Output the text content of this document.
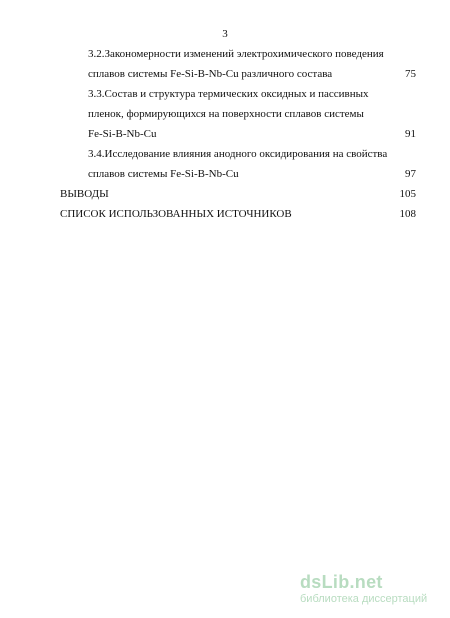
3
3.2.Закономерности изменений электрохимического поведения
сплавов системы Fe-Si-B-Nb-Cu различного состава	75
3.3.Состав и структура термических оксидных и пассивных
пленок, формирующихся на поверхности сплавов системы
Fe-Si-B-Nb-Cu	91
3.4.Исследование влияния анодного оксидирования на свойства
сплавов системы Fe-Si-B-Nb-Cu	97
ВЫВОДЫ	105
СПИСОК ИСПОЛЬЗОВАННЫХ ИСТОЧНИКОВ	108
dsLib.net
библиотека диссертаций
